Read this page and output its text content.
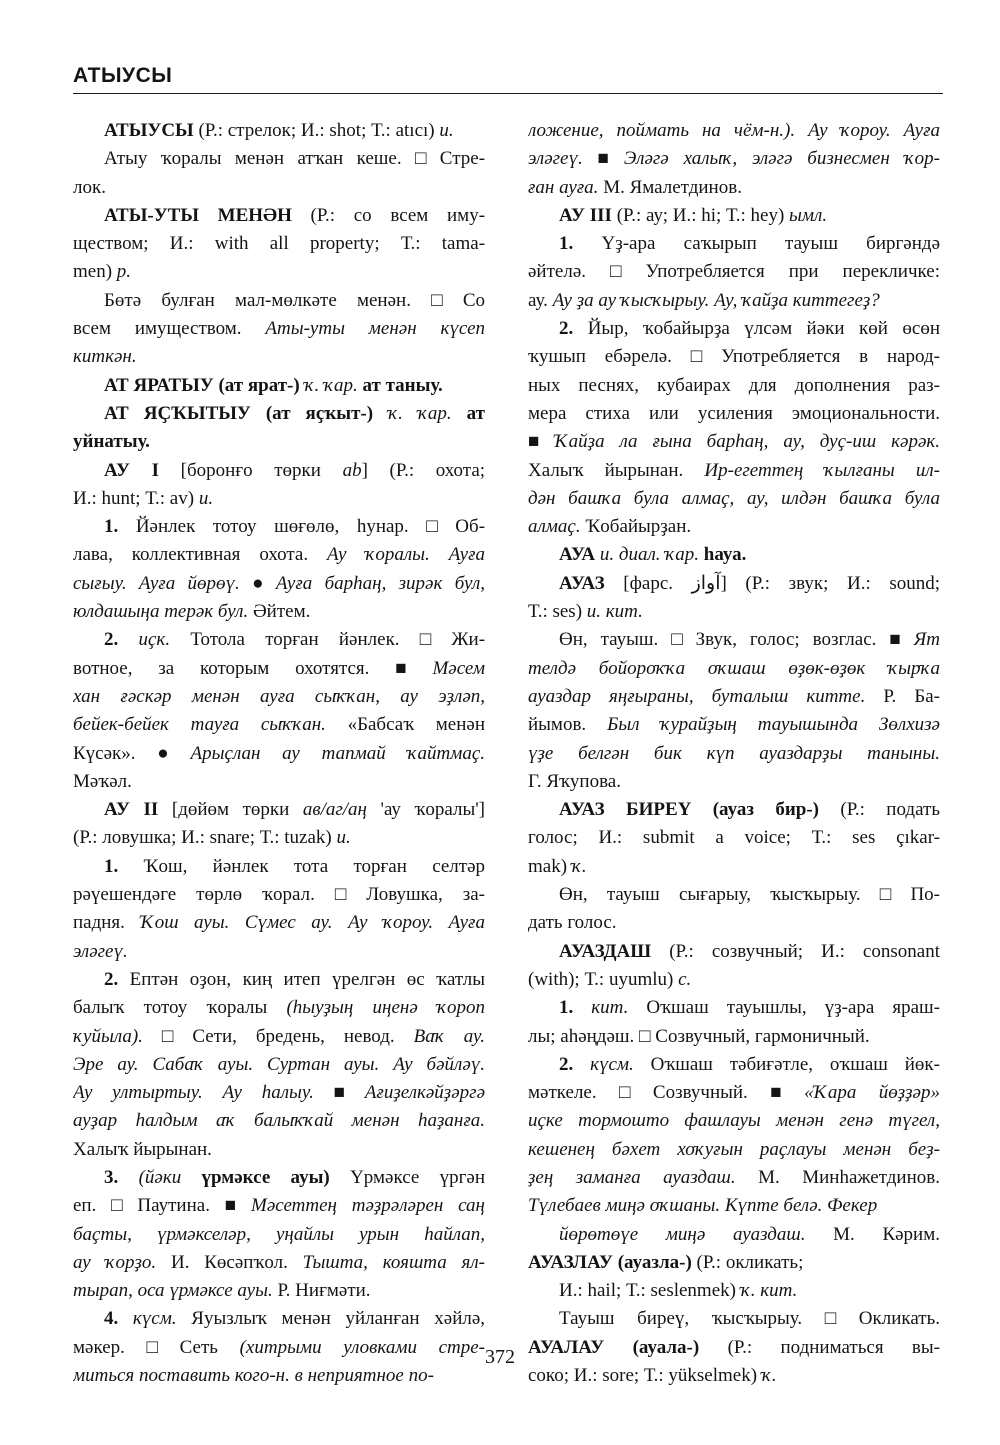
АТЫУСЫ
АТЫУСЫ (Р.: стрелок; И.: shot; Т.: atıcı) и.
Атыу ҡоралы менән атҡан кеше. □ Стре-
лок.
АТЫ-УТЫ МЕНӘН (Р.: со всем иму-
ществом; И.: with all property; Т.: tama-
men) р.
Бөтә булған мал-мөлкәте менән. □ Со
всем имуществом. Аты-уты менән күсеп
киткән.
АТ ЯРАТЫУ (ат ярат-) ҡ. ҡар. ат таныу.
АТ ЯҪҠЫТЫУ (ат яҫҡыт-) ҡ. ҡар. ат
уйнатыу.
АУ I [боронғо төрки ab] (Р.: охота;
И.: hunt; Т.: av) и.
1. Йәнлек тотоу шөғөлө, һунар. □ Об-
лава, коллективная охота. Ау ҡоралы. Ауға
сығыу. Ауға йөрөү. ● Ауға барһаң, зирәк бул,
юлдашыңа терәк бул. Әйтем.
2. иҫк. Тотола торған йәнлек. □ Жи-
вотное, за которым охотятся. ■ Мәсем
хан ғәскәр менән ауға сыҡҡан, ау эҙләп,
бейек-бейек тауға сыҡҡан. «Бабсаҡ менән
Күсәк». ● Арыҫлан ау тапмай ҡайтмаҫ.
Мәҡәл.
АУ II [дөйөм төрки ав/аг/аң 'ау ҡоралы']
(Р.: ловушка; И.: snare; Т.: tuzak) и.
1. Ҡош, йәнлек тота торған селтәр
рәүешендәге төрлө ҡорал. □ Ловушка, за-
падня. Ҡош ауы. Сүмес ау. Ау ҡороу. Ауға
эләгеү.
2. Ептән оҙон, киң итеп үрелгән өс ҡатлы
балыҡ тотоу ҡоралы (һыуҙың иңенә ҡороп
ҡуйыла). □ Сети, бредень, невод. Ваҡ ау.
Эре ау. Сабаҡ ауы. Суртан ауы. Ау бәйләү.
Ау ултыртыу. Ау һалыу. ■ Ағиҙелкәйҙәргә
ауҙар һалдым аҡ балыҡҡай менән һаҙанға.
Халыҡ йырынан.
3. (йәки үрмәксе ауы) Үрмәксе үргән
еп. □ Паутина. ■ Мәсеттең тәҙрәләрен саң
баҫты, үрмәкселәр, уңайлы урын һайлап,
ау ҡорҙо. И. Көсәпҡол. Тышта, кояшта ял-
тырап, оса үрмәксе ауы. Р. Ниғмәти.
4. күсм. Яуызлыҡ менән уйланған хәйлә,
мәкер. □ Сеть (хитрыми уловками стре-
миться поставить кого-н. в неприятное по-
ложение, поймать на чём-н.). Ау ҡороу. Ауға
эләгеү. ■ Эләгә халыҡ, эләгә бизнесмен ҡор-
ған ауға. М. Ямалетдинов.
АУ III (Р.: ау; И.: hi; Т.: hey) ымл.
1. Үҙ-ара саҡырып тауыш биргәндә
әйтелә. □ Употребляется при перекличке:
ау. Ау ҙа ау ҡысҡырыу. Ау, ҡайҙа киттегеҙ?
2. Йыр, ҡобайырҙа үлсәм йәки көй өсөн
ҡушып ебәрелә. □ Употребляется в народ-
ных песнях, кубаирах для дополнения раз-
мера стиха или усиления эмоциональности.
■ Ҡайҙа ла ғына барһаң, ау, дуҫ-иш кәрәк.
Халыҡ йырынан. Ир-егеттең ҡылғаны ил-
дән башҡа була алмаҫ, ау, илдән башҡа була
алмаҫ. Ҡобайырҙан.
АУА и. диал. ҡар. һауа.
АУАЗ [фарс. آواز] (Р.: звук; И.: sound;
Т.: ses) и. кит.
Өн, тауыш. □ Звук, голос; возглас. ■ Ят
телдә бойороҡҡа оҡшаш өҙөк-өҙөк ҡырҡа
ауаздар яңғыраны, буталыш китте. Р. Ба-
йымов. Был ҡурайҙың тауышында Зөлхизә
үҙе белгән бик күп ауаздарҙы таныны.
Г. Яҡупова.
АУАЗ БИРЕҮ (ауаз бир-) (Р.: подать
голос; И.: submit a voice; Т.: ses çıkar-
mak) ҡ.
Өн, тауыш сығарыу, ҡысҡырыу. □ По-
дать голос.
АУАЗДАШ (Р.: созвучный; И.: consonant
(with); Т.: uyumlu) с.
1. кит. Оҡшаш тауышлы, үҙ-ара яраш-
лы; аһәңдәш. □ Созвучный, гармоничный.
2. күсм. Оҡшаш тәбиғәтле, оҡшаш йөк-
мәткеле. □ Созвучный. ■ «Ҡара йөҙҙәр»
иҫке тормошто фашлауы менән генә түгел,
кешенең бәхет хоҡуғын раҫлауы менән беҙ-
ҙең заманға ауаздаш. М. Минһажетдинов.
Түлебаев миңә оҡшаны. Күпте белә. Фекер
йөрөтөүе миңә ауаздаш. М. Кәрим.
АУАЗЛАУ (ауазла-) (Р.: окликать;
И.: hail; Т.: seslenmek) ҡ. кит.
Тауыш биреү, ҡысҡырыу. □ Окликать.
АУАЛАУ (ауала-) (Р.: подниматься вы-
соко; И.: sore; Т.: yükselmek) ҡ.
372
